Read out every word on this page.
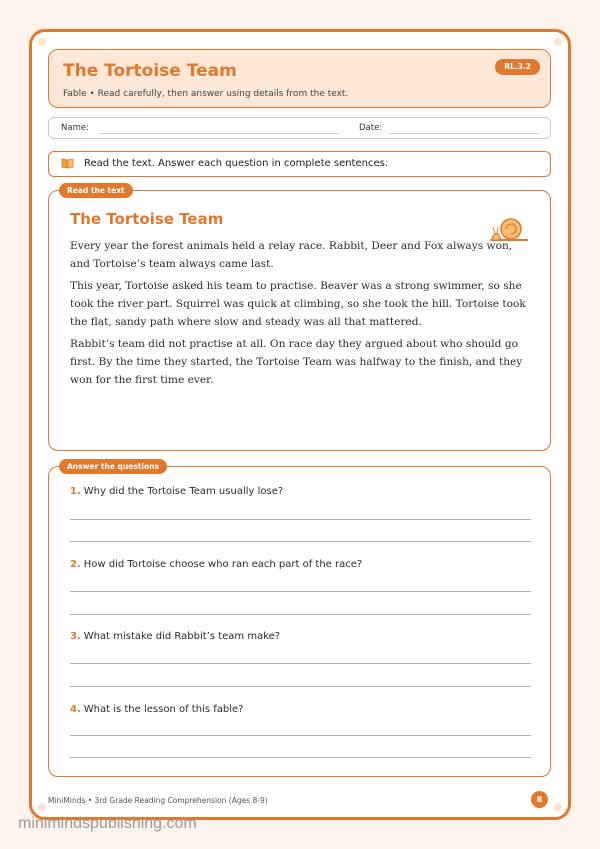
The Tortoise Team
Fable • Read carefully, then answer using details from the text.
RL.3.2
Name:	Date:
Read the text. Answer each question in complete sentences.
Read the text
The Tortoise Team

Every year the forest animals held a relay race. Rabbit, Deer and Fox always won, and Tortoise’s team always came last.

This year, Tortoise asked his team to practise. Beaver was a strong swimmer, so she took the river part. Squirrel was quick at climbing, so she took the hill. Tortoise took the flat, sandy path where slow and steady was all that mattered.

Rabbit’s team did not practise at all. On race day they argued about who should go first. By the time they started, the Tortoise Team was halfway to the finish, and they won for the first time ever.

Answer the questions
1. Why did the Tortoise Team usually lose?
2. How did Tortoise choose who ran each part of the race?
3. What mistake did Rabbit’s team make?
4. What is the lesson of this fable?
MiniMinds • 3rd Grade Reading Comprehension (Ages 8-9)	8
minimindspublishing.com
